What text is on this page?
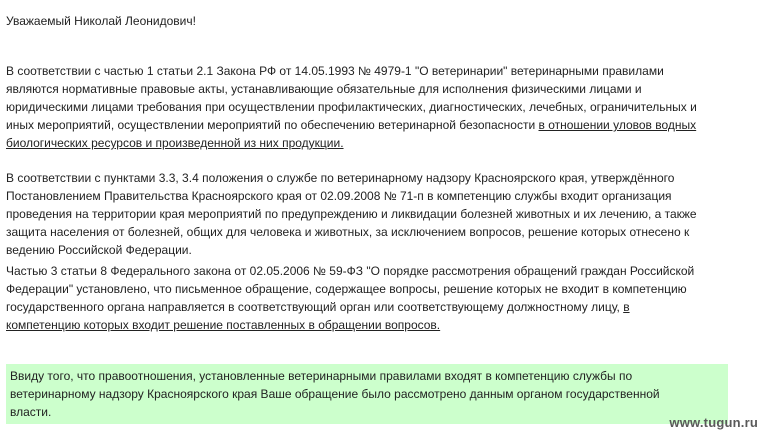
Уважаемый Николай Леонидович!
В соответствии с частью 1 статьи 2.1 Закона РФ от 14.05.1993 № 4979-1 "О ветеринарии" ветеринарными правилами
являются нормативные правовые акты, устанавливающие обязательные для исполнения физическими лицами и
юридическими лицами требования при осуществлении профилактических, диагностических, лечебных, ограничительных и
иных мероприятий, осуществлении мероприятий по обеспечению ветеринарной безопасности в отношении уловов водных
биологических ресурсов и произведенной из них продукции.
В соответствии с пунктами 3.3, 3.4 положения о службе по ветеринарному надзору Красноярского края, утверждённого
Постановлением Правительства Красноярского края от 02.09.2008 № 71-п в компетенцию службы входит организация
проведения на территории края мероприятий по предупреждению и ликвидации болезней животных и их лечению, а также
защита населения от болезней, общих для человека и животных, за исключением вопросов, решение которых отнесено к
ведению Российской Федерации.
Частью 3 статьи 8 Федерального закона от 02.05.2006 № 59-ФЗ "О порядке рассмотрения обращений граждан Российской
Федерации" установлено, что письменное обращение, содержащее вопросы, решение которых не входит в компетенцию
государственного органа направляется в соответствующий орган или соответствующему должностному лицу, в
компетенцию которых входит решение поставленных в обращении вопросов.
Ввиду того, что правоотношения, установленные ветеринарными правилами входят в компетенцию службы по
ветеринарному надзору Красноярского края Ваше обращение было рассмотрено данным органом государственной
власти.
www.tugun.ru
